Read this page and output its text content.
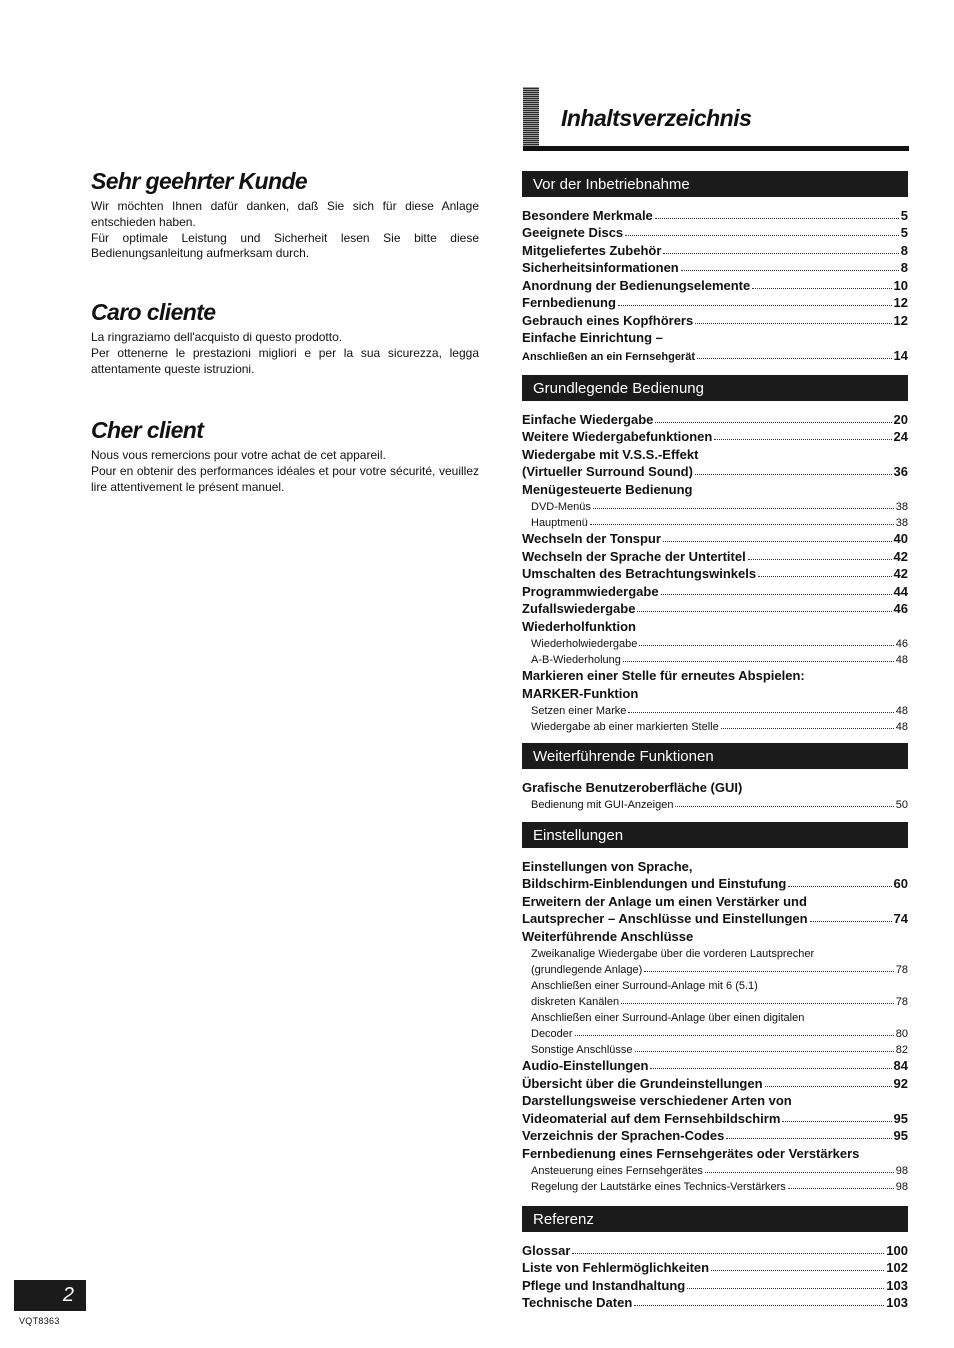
Sehr geehrter Kunde

Wir möchten Ihnen dafür danken, daß Sie sich für diese Anlage entschieden haben.

Für optimale Leistung und Sicherheit lesen Sie bitte diese Bedienungsanleitung aufmerksam durch.

Caro cliente

La ringraziamo dell'acquisto di questo prodotto.

Per ottenerne le prestazioni migliori e per la sua sicurezza, legga attentamente queste istruzioni.

Cher client

Nous vous remercions pour votre achat de cet appareil.

Pour en obtenir des performances idéales et pour votre sécurité, veuillez lire attentivement le présent manuel.

Inhaltsverzeichnis
Vor der Inbetriebnahme
Besondere Merkmale	5
Geeignete Discs	5
Mitgeliefertes Zubehör	8
Sicherheitsinformationen	8
Anordnung der Bedienungselemente	10
Fernbedienung	12
Gebrauch eines Kopfhörers	12
Einfache Einrichtung –
Anschließen an ein Fernsehgerät	14
Grundlegende Bedienung
Einfache Wiedergabe	20
Weitere Wiedergabefunktionen	24
Wiedergabe mit V.S.S.-Effekt
(Virtueller Surround Sound)	36
Menügesteuerte Bedienung
DVD-Menüs	38
Hauptmenü	38
Wechseln der Tonspur	40
Wechseln der Sprache der Untertitel	42
Umschalten des Betrachtungswinkels	42
Programmwiedergabe	44
Zufallswiedergabe	46
Wiederholfunktion
Wiederholwiedergabe	46
A-B-Wiederholung	48
Markieren einer Stelle für erneutes Abspielen:
MARKER-Funktion
Setzen einer Marke	48
Wiedergabe ab einer markierten Stelle	48
Weiterführende Funktionen
Grafische Benutzeroberfläche (GUI)
Bedienung mit GUI-Anzeigen	50
Einstellungen
Einstellungen von Sprache,
Bildschirm-Einblendungen und Einstufung	60
Erweitern der Anlage um einen Verstärker und
Lautsprecher – Anschlüsse und Einstellungen	74
Weiterführende Anschlüsse
Zweikanalige Wiedergabe über die vorderen Lautsprecher
(grundlegende Anlage)	78
Anschließen einer Surround-Anlage mit 6 (5.1)
diskreten Kanälen	78
Anschließen einer Surround-Anlage über einen digitalen
Decoder	80
Sonstige Anschlüsse	82
Audio-Einstellungen	84
Übersicht über die Grundeinstellungen	92
Darstellungsweise verschiedener Arten von
Videomaterial auf dem Fernsehbildschirm	95
Verzeichnis der Sprachen-Codes	95
Fernbedienung eines Fernsehgerätes oder Verstärkers
Ansteuerung eines Fernsehgerätes	98
Regelung der Lautstärke eines Technics-Verstärkers	98
Referenz
Glossar	100
Liste von Fehlermöglichkeiten	102
Pflege und Instandhaltung	103
Technische Daten	103
2
VQT8363
